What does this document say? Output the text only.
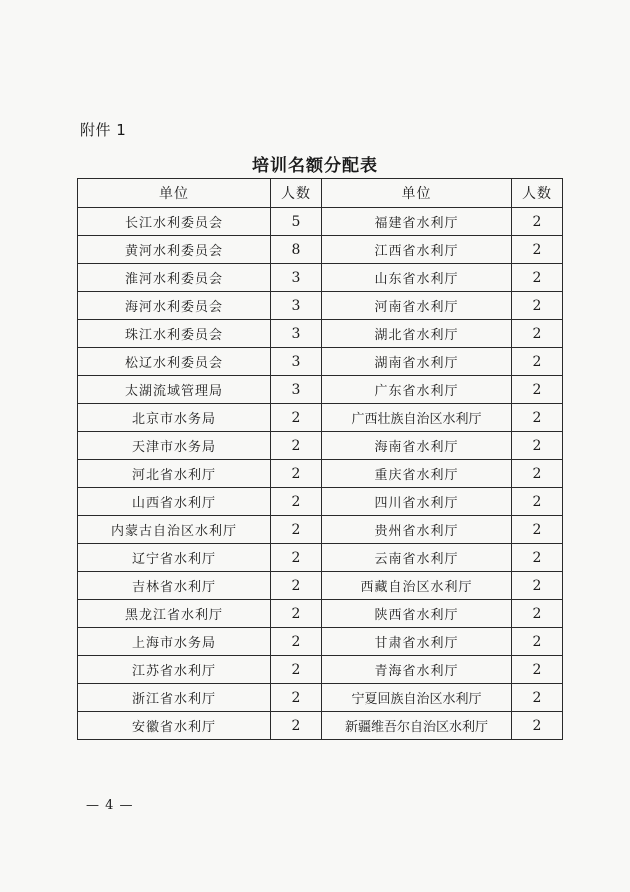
附件 1
培训名额分配表
单位	人数	单位	人数
长江水利委员会	5	福建省水利厅	2
黄河水利委员会	8	江西省水利厅	2
淮河水利委员会	3	山东省水利厅	2
海河水利委员会	3	河南省水利厅	2
珠江水利委员会	3	湖北省水利厅	2
松辽水利委员会	3	湖南省水利厅	2
太湖流域管理局	3	广东省水利厅	2
北京市水务局	2	广西壮族自治区水利厅	2
天津市水务局	2	海南省水利厅	2
河北省水利厅	2	重庆省水利厅	2
山西省水利厅	2	四川省水利厅	2
内蒙古自治区水利厅	2	贵州省水利厅	2
辽宁省水利厅	2	云南省水利厅	2
吉林省水利厅	2	西藏自治区水利厅	2
黑龙江省水利厅	2	陕西省水利厅	2
上海市水务局	2	甘肃省水利厅	2
江苏省水利厅	2	青海省水利厅	2
浙江省水利厅	2	宁夏回族自治区水利厅	2
安徽省水利厅	2	新疆维吾尔自治区水利厅	2
— 4 —
